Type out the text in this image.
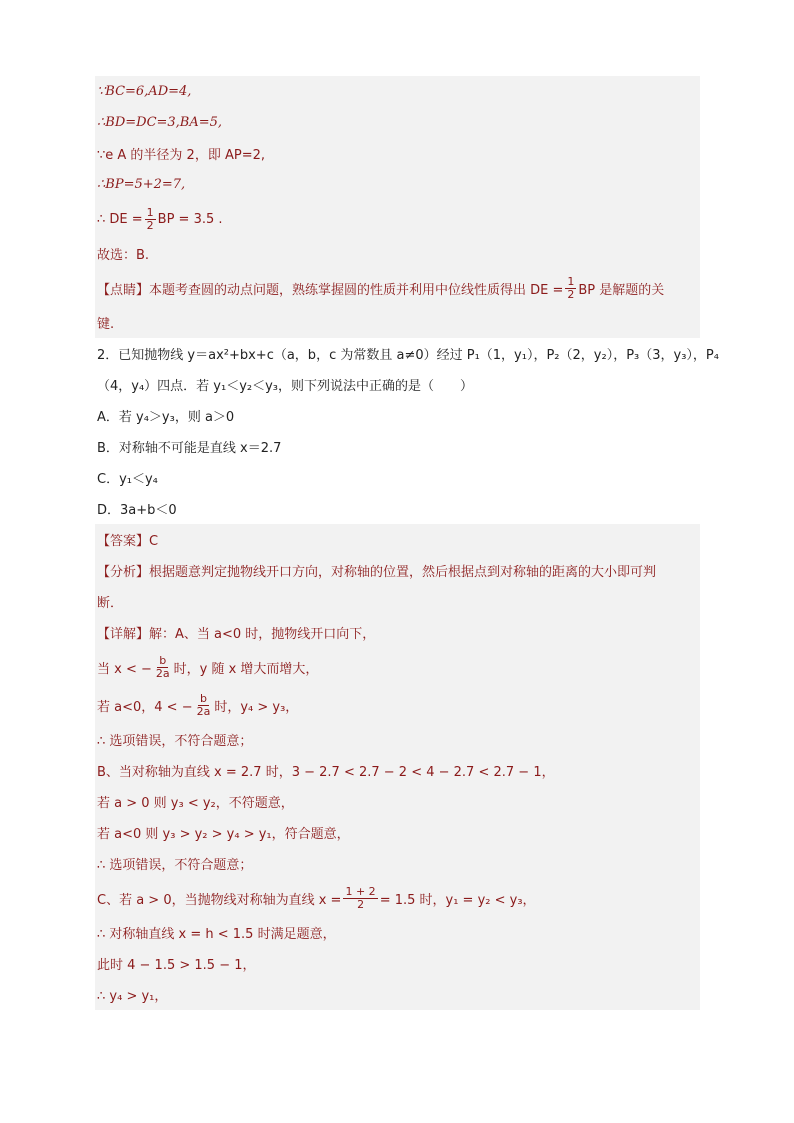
∵BC=6,AD=4,
∴BD=DC=3,BA=5,
∵e A 的半径为 2，即 AP=2,
∴BP=5+2=7,
∴ DE = $\frac{1}{2}$ BP = 3.5 .
故选：B.
【点睛】本题考查圆的动点问题，熟练掌握圆的性质并利用中位线性质得出 DE = $\frac{1}{2}$ BP 是解题的关
键.
2．已知抛物线 y＝ax²+bx+c（a，b，c 为常数且 a≠0）经过 P₁（1，y₁），P₂（2，y₂），P₃（3，y₃），P₄
（4，y₄）四点．若 y₁＜y₂＜y₃，则下列说法中正确的是（　　）
A．若 y₄＞y₃，则 a＞0
B．对称轴不可能是直线 x＝2.7
C．y₁＜y₄
D．3a+b＜0
【答案】C
【分析】根据题意判定抛物线开口方向，对称轴的位置，然后根据点到对称轴的距离的大小即可判
断．
【详解】解：A、当 a<0 时，抛物线开口向下，
当 x < − $\frac{b}{2a}$ 时，y 随 x 增大而增大，
若 a<0，4 < − $\frac{b}{2a}$ 时，y₄ > y₃，
∴ 选项错误，不符合题意；
B、当对称轴为直线 x = 2.7 时，3 − 2.7 < 2.7 − 2 < 4 − 2.7 < 2.7 − 1，
若 a > 0 则 y₃ < y₂，不符题意，
若 a<0 则 y₃ > y₂ > y₄ > y₁，符合题意，
∴ 选项错误，不符合题意；
C、若 a > 0，当抛物线对称轴为直线 $x = \frac{1 + 2}{2} = 1.5$ 时，y₁ = y₂ < y₃，
∴ 对称轴直线 x = h < 1.5 时满足题意，
此时 4 − 1.5 > 1.5 − 1，
∴ y₄ > y₁，
